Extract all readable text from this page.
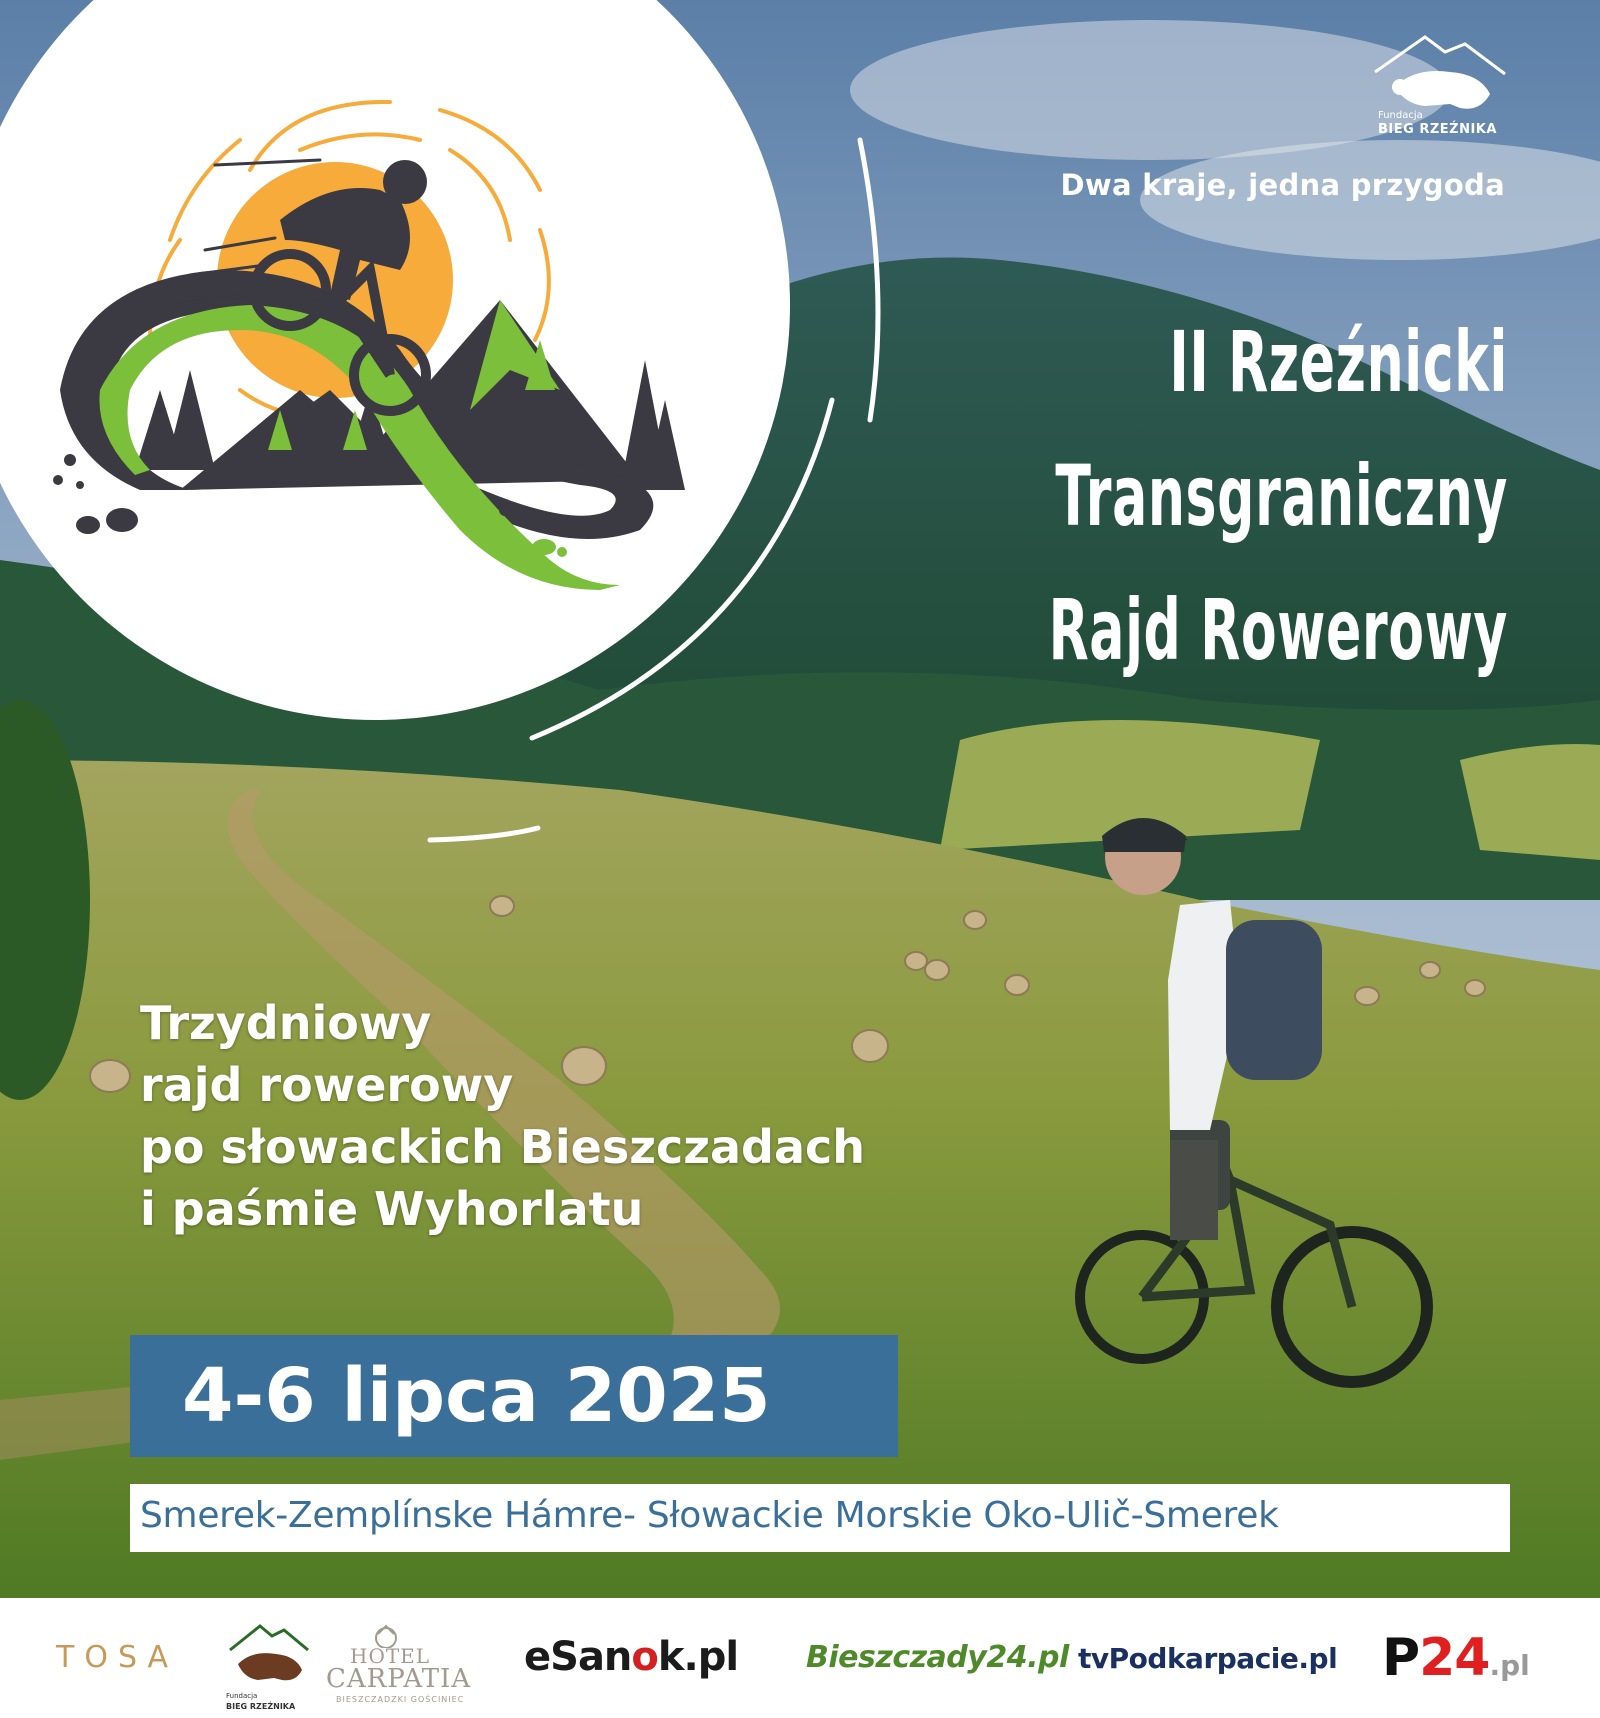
Fundacja
BIEG RZEŹNIKA
Dwa kraje, jedna przygoda
II Rzeźnicki
Transgraniczny
Rajd Rowerowy
Trzydniowy
rajd rowerowy
po słowackich Bieszczadach
i paśmie Wyhorlatu
4-6 lipca 2025
Smerek-Zemplínske Hámre- Słowackie Morskie Oko-Ulič-Smerek
TOSA
Fundacja
BIEG RZEŹNIKA
HOTEL
CARPATIA
BIESZCZADZKI GOŚCINIEC
eSanok.pl Bieszczady24.pl tvPodkarpacie.pl P24.pl
